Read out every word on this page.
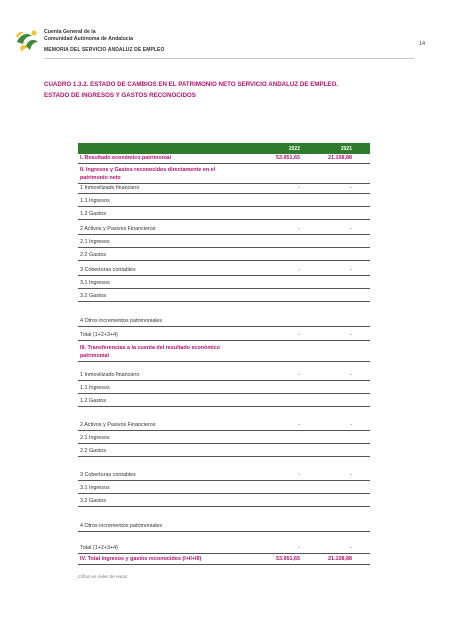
Cuenta General de la
Comunidad Autónoma de Andalucía
MEMORIA DEL SERVICIO ANDALUZ DE EMPLEO
14
CUADRO 1.3.2. ESTADO DE CAMBIOS EN EL PATRIMONIO NETO SERVICIO ANDALUZ DE EMPLEO.
ESTADO DE INGRESOS Y GASTOS RECONOCIDOS
2022	2021
I. Resultado económico patrimonial	53.951,65	21.108,88
II. Ingresos y Gastos reconocidos directamente en el
patrimonio neto
1 Inmovilizado financiero	-	-
1.1 Ingresos
1.2 Gastos
2 Activos y Pasivos Financieros	-	-
2.1 Ingresos
2.2 Gastos
3 Coberturas contables	-	-
3.1 Ingresos
3.2 Gastos
4 Otros incrementos patrimoniales
Total (1+2+3+4)	-	-
III. Transferencias a la cuenta del resultado económico
patrimonial
1 Inmovilizado financiero	-	-
1.1 Ingresos
1.2 Gastos
2 Activos y Pasivos Financieros	-	-
2.1 Ingresos
2.2 Gastos
3 Coberturas contables	-	-
3.1 Ingresos
3.2 Gastos
4 Otros incrementos patrimoniales
Total (1+2+3+4)	-	-
IV. Total ingresos y gastos reconocidos (I+II+III)	53.951,65	21.108,88
Cifras en miles de euros
